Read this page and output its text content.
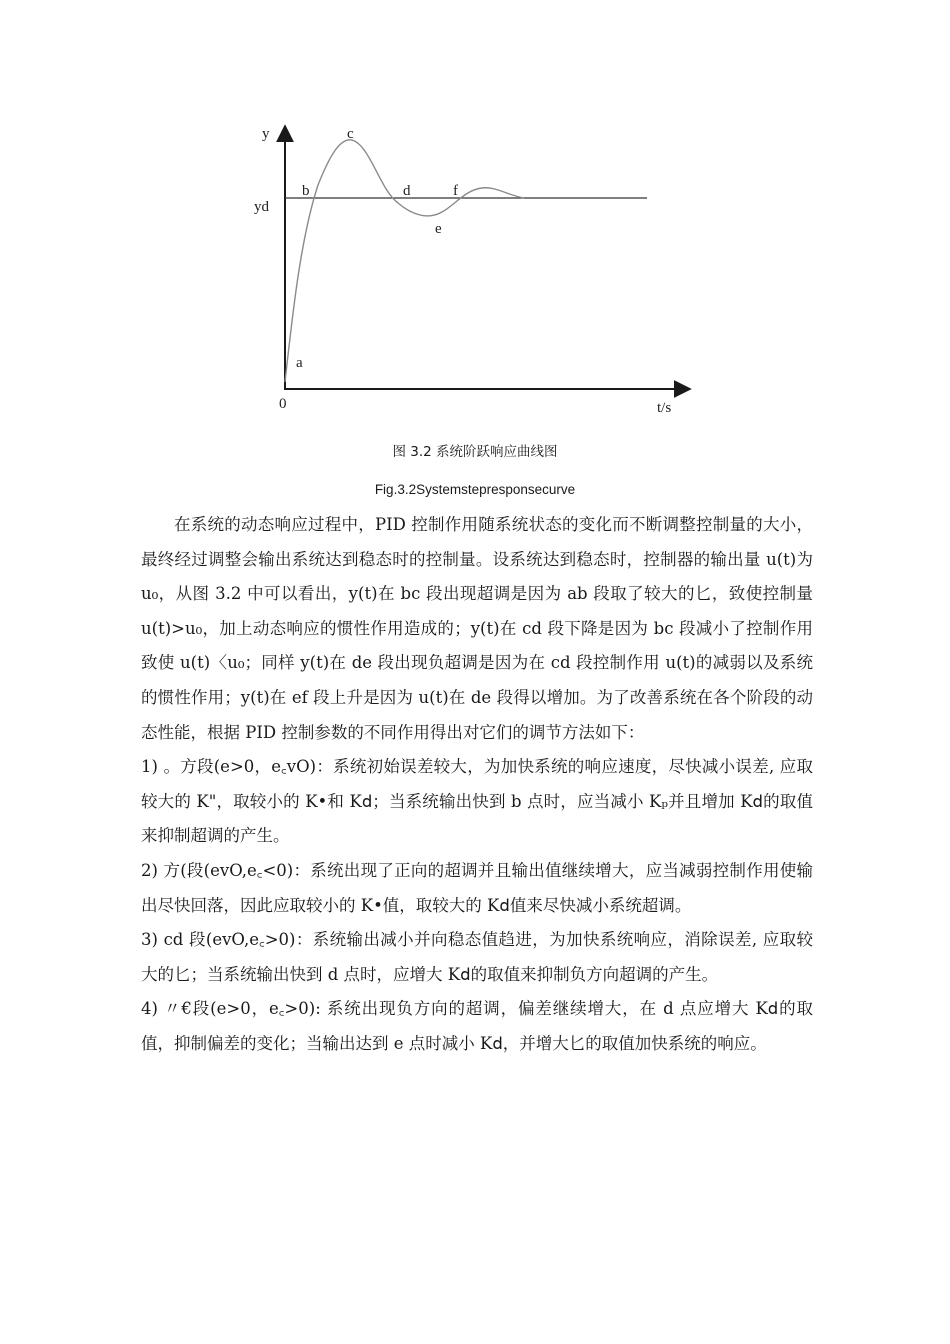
y
yd
0	t/s
a
b
c
d
e
f
图 3.2 系统阶跃响应曲线图
Fig.3.2Systemstepresponsecurve

在系统的动态响应过程中，PID 控制作用随系统状态的变化而不断调整控制量的大小，最终经过调整会输出系统达到稳态时的控制量。设系统达到稳态时，控制器的输出量 u(t)为 u₀，从图 3.2 中可以看出，y(t)在 bc 段出现超调是因为 ab 段取了较大的匕，致使控制量 u(t)>u₀，加上动态响应的惯性作用造成的；y(t)在 cd 段下降是因为 bc 段减小了控制作用致使 u(t)〈u₀；同样 y(t)在 de 段出现负超调是因为在 cd 段控制作用 u(t)的减弱以及系统的惯性作用；y(t)在 ef 段上升是因为 u(t)在 de 段得以增加。为了改善系统在各个阶段的动态性能，根据 PID 控制参数的不同作用得出对它们的调节方法如下：

1) 。方段(e>0，e꜀vO)：系统初始误差较大，为加快系统的响应速度，尽快减小误差, 应取较大的 K"，取较小的 K•和 K𝖽；当系统输出快到 b 点时，应当减小 Kₚ并且增加 K𝖽的取值来抑制超调的产生。

2) 方(段(evO,e꜀<0)：系统出现了正向的超调并且输出值继续增大，应当减弱控制作用使输出尽快回落，因此应取较小的 K•值，取较大的 K𝖽值来尽快减小系统超调。

3) cd 段(evO,e꜀>0)：系统输出减小并向稳态值趋进，为加快系统响应，消除误差, 应取较大的匕；当系统输出快到 d 点时，应增大 K𝖽的取值来抑制负方向超调的产生。

4) 〃€段(e>0，e꜀>0): 系统出现负方向的超调，偏差继续增大，在 d 点应增大 K𝖽的取值，抑制偏差的变化；当输出达到 e 点时减小 K𝖽，并增大匕的取值加快系统的响应。
